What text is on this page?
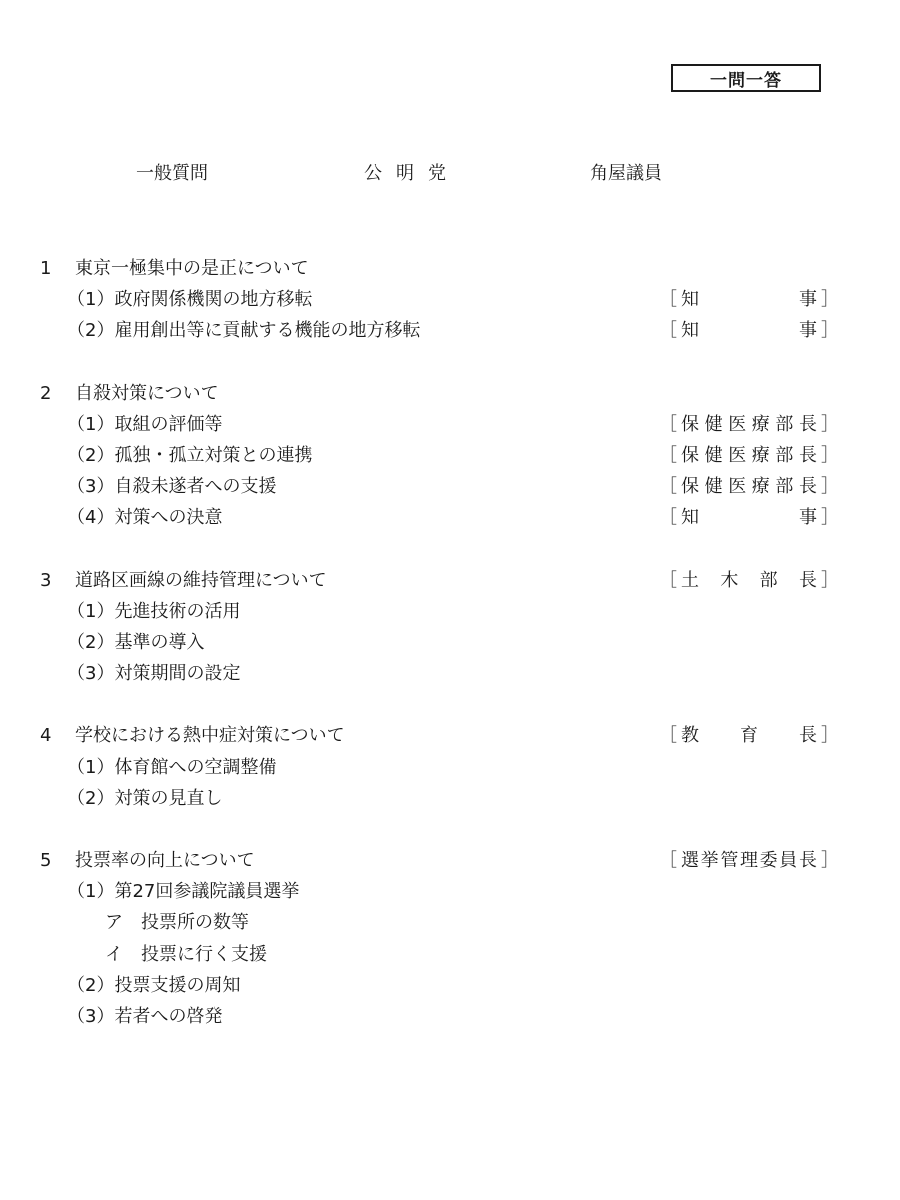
一問一答
一般質問	公明党	角屋議員
1	東京一極集中の是正について
（1）政府関係機関の地方移転	［ 知	事 ］
（2）雇用創出等に貢献する機能の地方移転	［ 知	事 ］
2	自殺対策について
（1）取組の評価等	［ 保 健 医 療 部 長 ］
（2）孤独・孤立対策との連携	［ 保 健 医 療 部 長 ］
（3）自殺未遂者への支援	［ 保 健 医 療 部 長 ］
（4）対策への決意	［ 知	事 ］
3	道路区画線の維持管理について	［ 土 木 部 長 ］
（1）先進技術の活用
（2）基準の導入
（3）対策期間の設定
4	学校における熱中症対策について	［ 教 育 長 ］
（1）体育館への空調整備
（2）対策の見直し
5	投票率の向上について	［ 選 挙 管 理 委 員 長 ］
（1）第27回参議院議員選挙
ア　投票所の数等
イ　投票に行く支援
（2）投票支援の周知
（3）若者への啓発
